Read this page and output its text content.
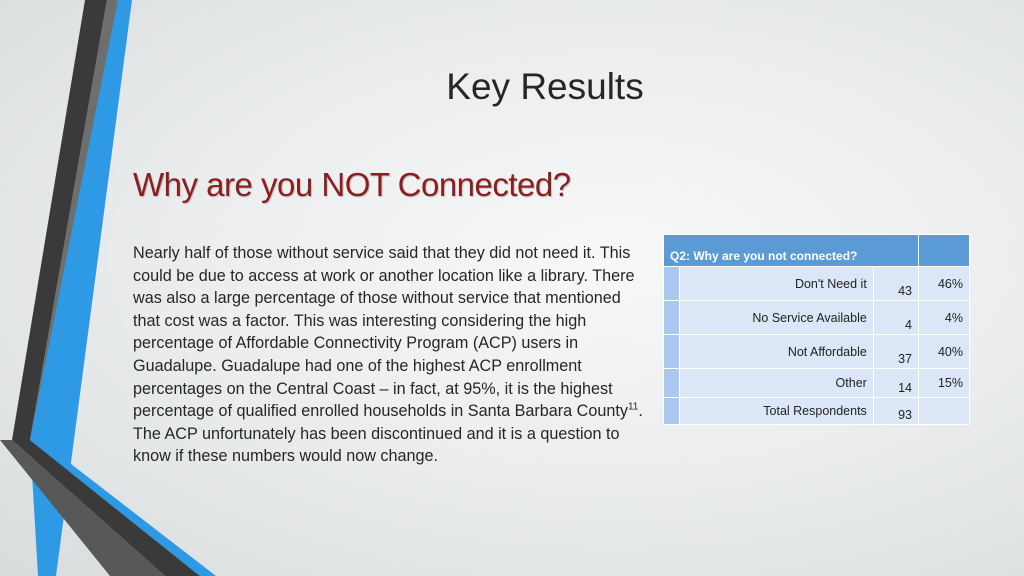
Key Results
Why are you NOT Connected?
Nearly half of those without service said that they did not need it. This could be due to access at work or another location like a library. There was also a large percentage of those without service that mentioned that cost was a factor. This was interesting considering the high percentage of Affordable Connectivity Program (ACP) users in Guadalupe. Guadalupe had one of the highest ACP enrollment percentages on the Central Coast – in fact, at 95%, it is the highest percentage of qualified enrolled households in Santa Barbara County$^{11}$. The ACP unfortunately has been discontinued and it is a question to know if these numbers would now change.
Q2: Why are you not connected?			
	Don't Need it	43	46%
	No Service Available	4	4%
	Not Affordable	37	40%
	Other	14	15%
	Total Respondents	93	
